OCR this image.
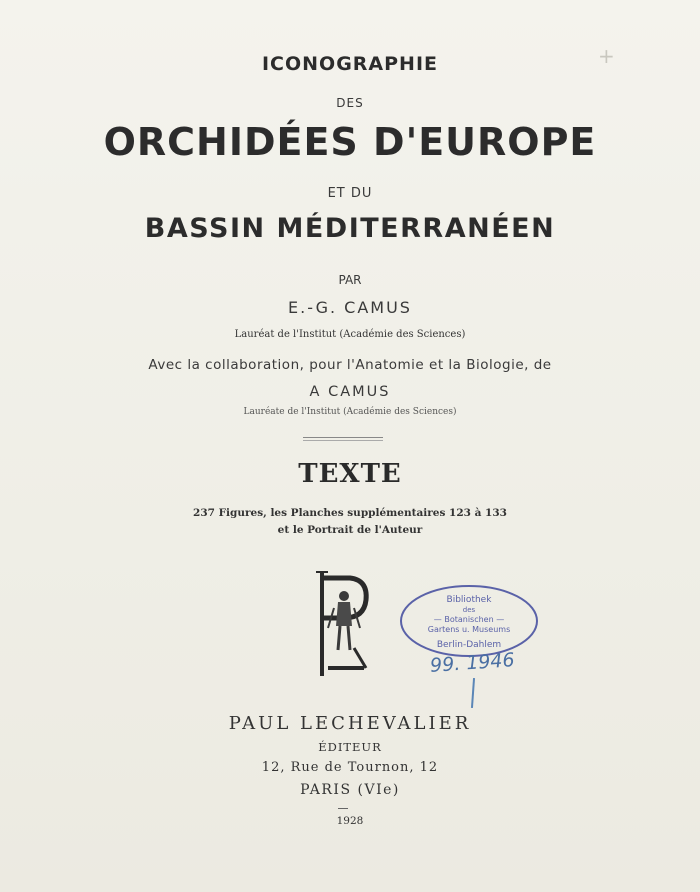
+
ICONOGRAPHIE
DES
ORCHIDÉES D'EUROPE
ET DU
BASSIN MÉDITERRANÉEN
PAR
E.-G. CAMUS
Lauréat de l'Institut (Académie des Sciences)
Avec la collaboration, pour l'Anatomie et la Biologie, de
A CAMUS
Lauréate de l'Institut (Académie des Sciences)
TEXTE
237 Figures, les Planches supplémentaires 123 à 133
et le Portrait de l'Auteur
Bibliothek
des
— Botanischen —
Gartens u. Museums
Berlin-Dahlem
99. 1946
PAUL LECHEVALIER
ÉDITEUR
12, Rue de Tournon, 12
PARIS (VIe)
1928
